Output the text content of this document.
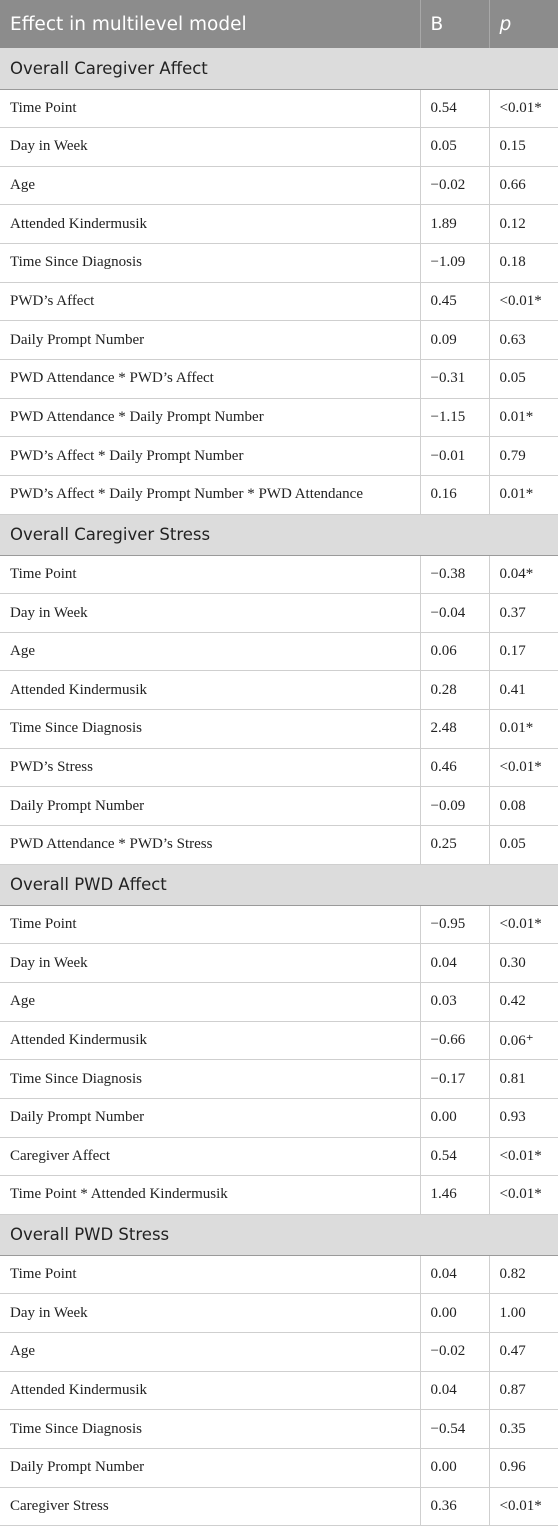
Effect in multilevel model	B	p
Overall Caregiver Affect		
Time Point	0.54	<0.01*
Day in Week	0.05	0.15
Age	−0.02	0.66
Attended Kindermusik	1.89	0.12
Time Since Diagnosis	−1.09	0.18
PWD’s Affect	0.45	<0.01*
Daily Prompt Number	0.09	0.63
PWD Attendance * PWD’s Affect	−0.31	0.05
PWD Attendance * Daily Prompt Number	−1.15	0.01*
PWD’s Affect * Daily Prompt Number	−0.01	0.79
PWD’s Affect * Daily Prompt Number * PWD Attendance	0.16	0.01*
Overall Caregiver Stress		
Time Point	−0.38	0.04*
Day in Week	−0.04	0.37
Age	0.06	0.17
Attended Kindermusik	0.28	0.41
Time Since Diagnosis	2.48	0.01*
PWD’s Stress	0.46	<0.01*
Daily Prompt Number	−0.09	0.08
PWD Attendance * PWD’s Stress	0.25	0.05
Overall PWD Affect		
Time Point	−0.95	<0.01*
Day in Week	0.04	0.30
Age	0.03	0.42
Attended Kindermusik	−0.66	0.06⁺
Time Since Diagnosis	−0.17	0.81
Daily Prompt Number	0.00	0.93
Caregiver Affect	0.54	<0.01*
Time Point * Attended Kindermusik	1.46	<0.01*
Overall PWD Stress		
Time Point	0.04	0.82
Day in Week	0.00	1.00
Age	−0.02	0.47
Attended Kindermusik	0.04	0.87
Time Since Diagnosis	−0.54	0.35
Daily Prompt Number	0.00	0.96
Caregiver Stress	0.36	<0.01*
